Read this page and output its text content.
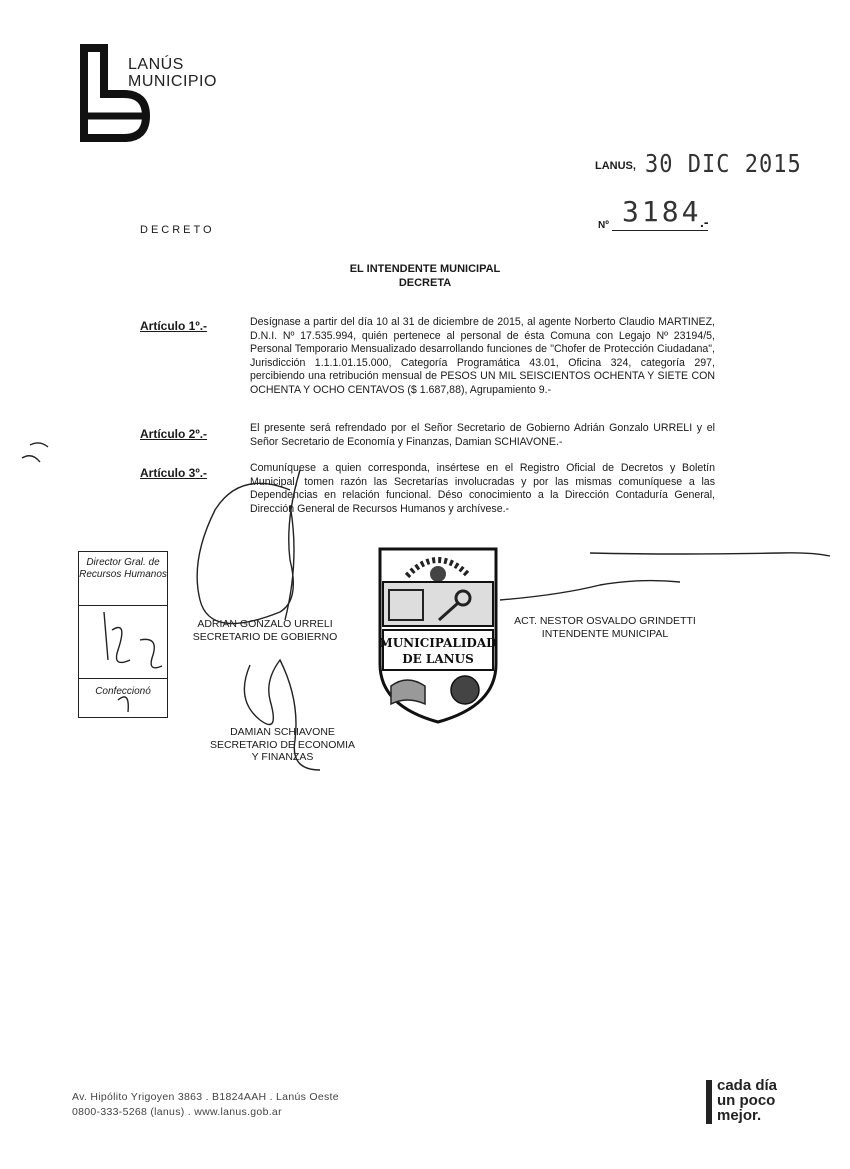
LANÚS
MUNICIPIO
LANUS, 30 DIC 2015
Nº 3184
.-
DECRETO
EL INTENDENTE MUNICIPAL
DECRETA
Artículo 1º.-	Desígnase a partir del día 10 al 31 de diciembre de 2015, al agente Norberto Claudio MARTINEZ, D.N.I. Nº 17.535.994, quién pertenece al personal de ésta Comuna con Legajo Nº 23194/5, Personal Temporario Mensualizado desarrollando funciones de "Chofer de Protección Ciudadana", Jurisdicción 1.1.1.01.15.000, Categoría Programática 43.01, Oficina 324, categoría 297, percibiendo una retribución mensual de PESOS UN MIL SEISCIENTOS OCHENTA Y SIETE CON OCHENTA Y OCHO CENTAVOS ($ 1.687,88), Agrupamiento 9.-
Artículo 2º.-	El presente será refrendado por el Señor Secretario de Gobierno Adrián Gonzalo URRELI y el Señor Secretario de Economía y Finanzas, Damian SCHIAVONE.-
Artículo 3º.-	Comuníquese a quien corresponda, insértese en el Registro Oficial de Decretos y Boletín Municipal, tomen razón las Secretarías involucradas y por las mismas comuníquese a las Dependencias en relación funcional. Déso conocimiento a la Dirección Contaduría General, Dirección General de Recursos Humanos y archívese.-
Director Gral. de Recursos Humanos
Confeccionó
ADRIAN GONZALO URRELI
SECRETARIO DE GOBIERNO
DAMIAN SCHIAVONE
SECRETARIO DE ECONOMIA
Y FINANZAS
ACT. NESTOR OSVALDO GRINDETTI
INTENDENTE MUNICIPAL
MUNICIPALIDAD
DE LANUS
Av. Hipólito Yrigoyen 3863 . B1824AAH . Lanús Oeste
0800-333-5268 (lanus) . www.lanus.gob.ar
cada día
un poco
mejor.
